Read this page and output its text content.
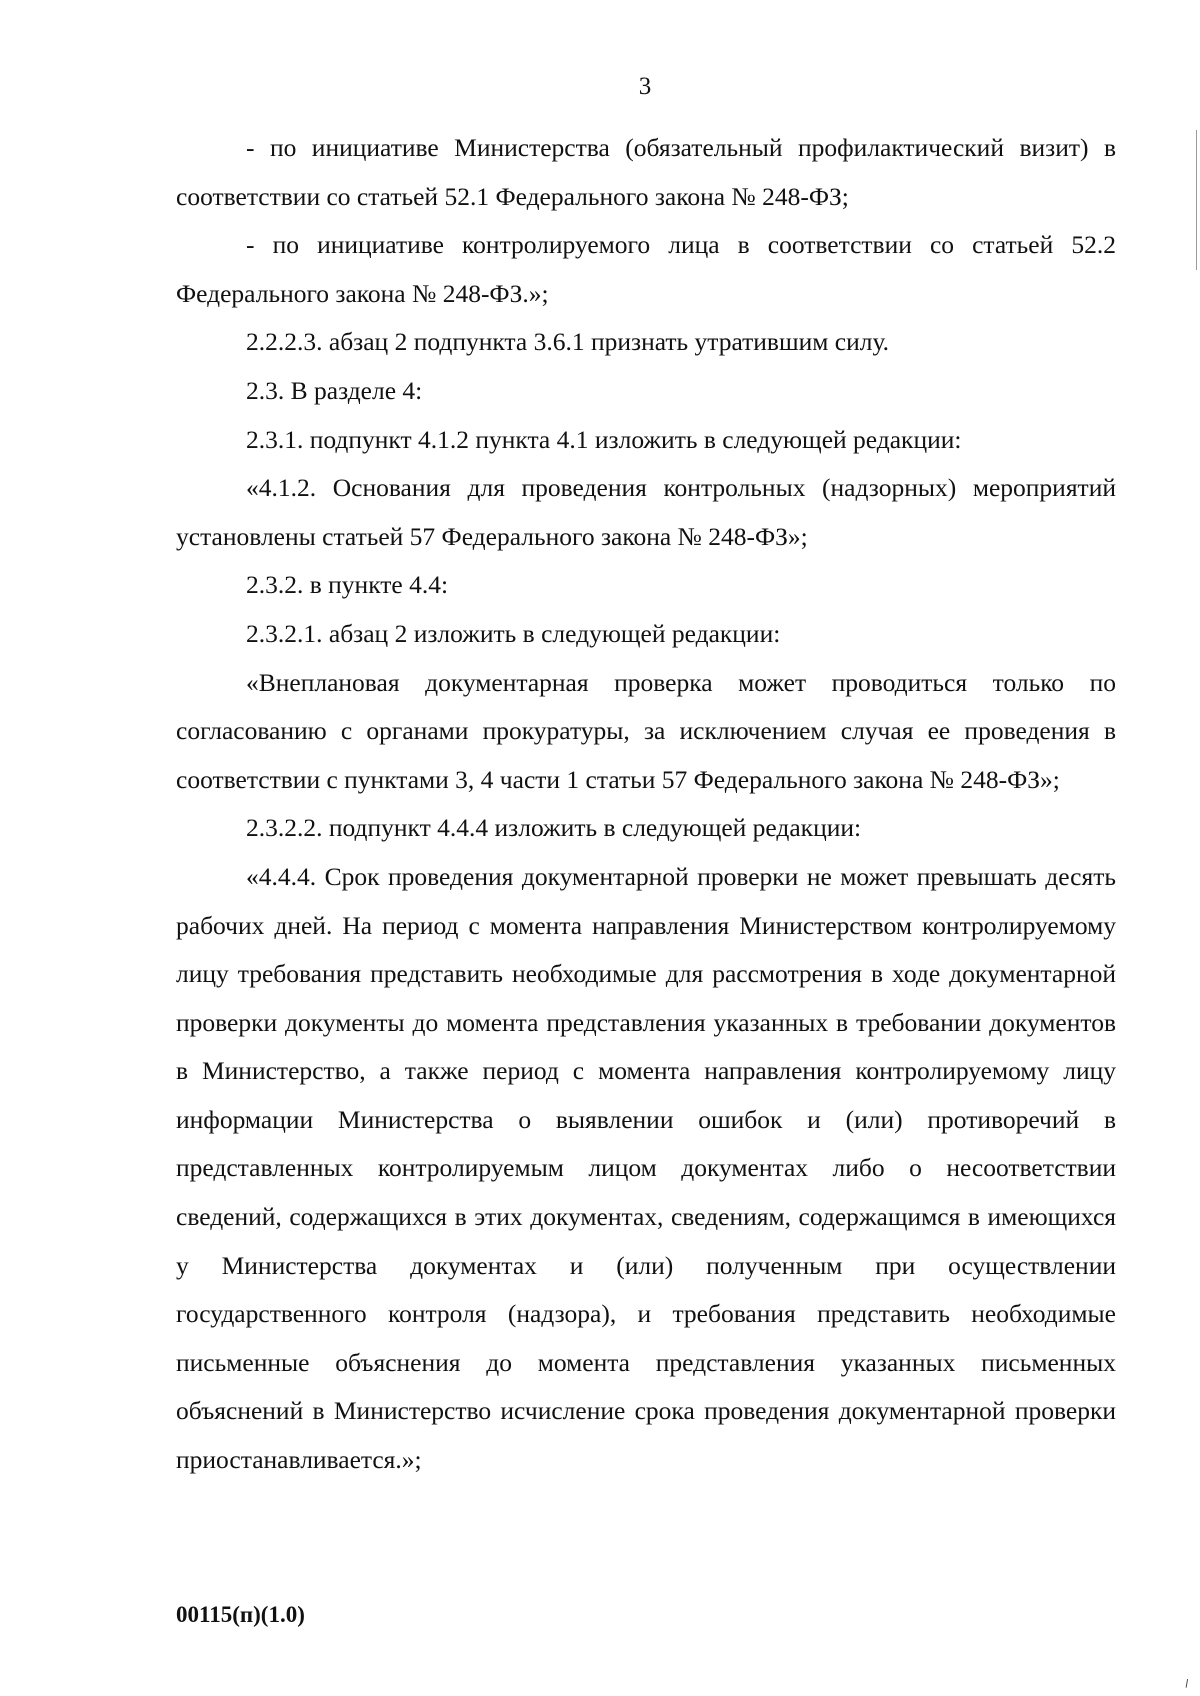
3

- по инициативе Министерства (обязательный профилактический визит) в соответствии со статьей 52.1 Федерального закона № 248-ФЗ;

- по инициативе контролируемого лица в соответствии со статьей 52.2 Федерального закона № 248-ФЗ.»;

2.2.2.3. абзац 2 подпункта 3.6.1 признать утратившим силу.

2.3. В разделе 4:

2.3.1. подпункт 4.1.2 пункта 4.1 изложить в следующей редакции:

«4.1.2. Основания для проведения контрольных (надзорных) мероприятий установлены статьей 57 Федерального закона № 248-ФЗ»;

2.3.2. в пункте 4.4:

2.3.2.1. абзац 2 изложить в следующей редакции:

«Внеплановая документарная проверка может проводиться только по согласованию с органами прокуратуры, за исключением случая ее проведения в соответствии с пунктами 3, 4 части 1 статьи 57 Федерального закона № 248-ФЗ»;

2.3.2.2. подпункт 4.4.4 изложить в следующей редакции:

«4.4.4. Срок проведения документарной проверки не может превышать десять рабочих дней. На период с момента направления Министерством контролируемому лицу требования представить необходимые для рассмотрения в ходе документарной проверки документы до момента представления указанных в требовании документов в Министерство, а также период с момента направления контролируемому лицу информации Министерства о выявлении ошибок и (или) противоречий в представленных контролируемым лицом документах либо о несоответствии сведений, содержащихся в этих документах, сведениям, содержащимся в имеющихся у Министерства документах и (или) полученным при осуществлении государственного контроля (надзора), и требования представить необходимые письменные объяснения до момента представления указанных письменных объяснений в Министерство исчисление срока проведения документарной проверки приостанавливается.»;

00115(п)(1.0)
⸝
